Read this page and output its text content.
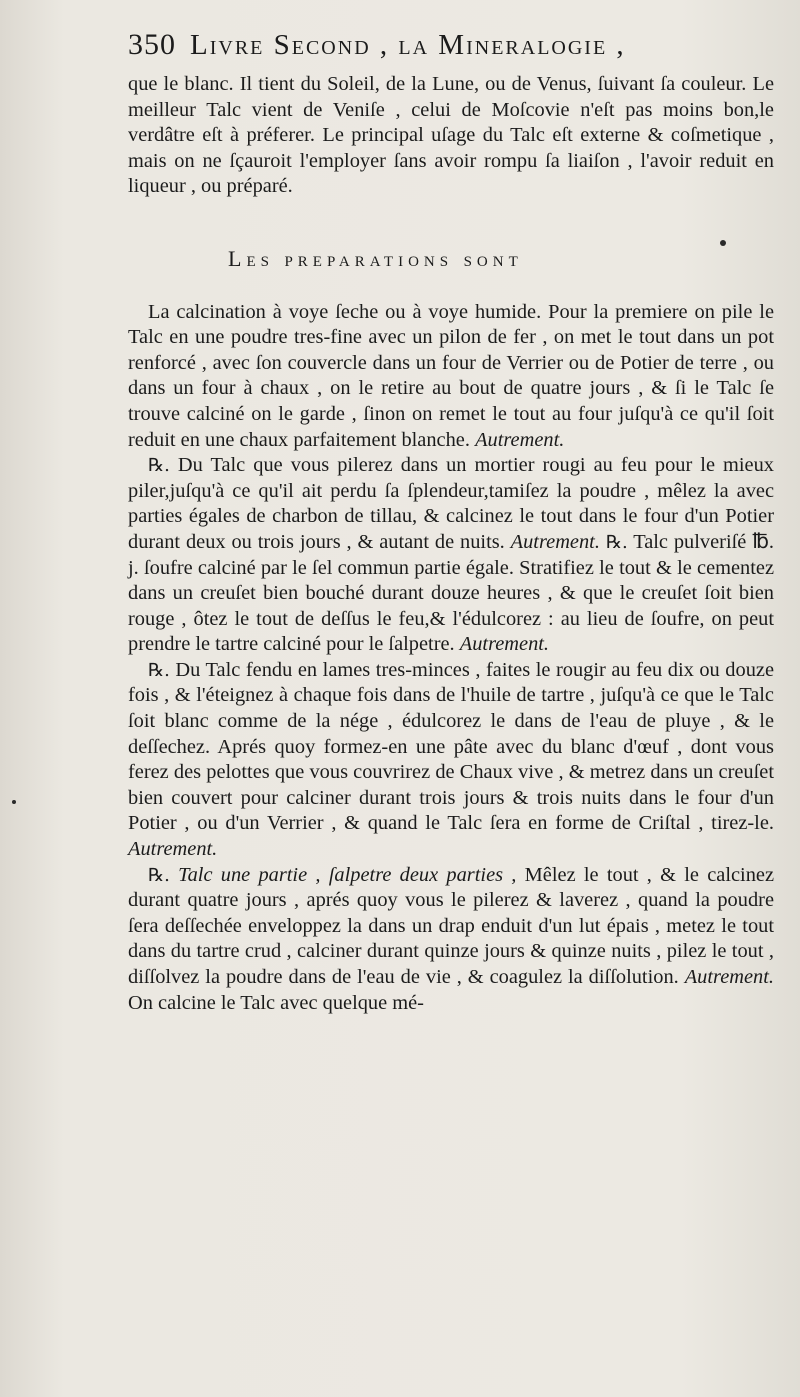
350 Livre Second , la Mineralogie ,

que le blanc. Il tient du Soleil, de la Lune, ou de Venus, ſuivant ſa couleur. Le meilleur Talc vient de Veniſe , celui de Moſcovie n'eſt pas moins bon,le verdâtre eſt à préferer. Le principal uſage du Talc eſt externe & coſmetique , mais on ne ſçauroit l'employer ſans avoir rompu ſa liaiſon , l'avoir reduit en liqueur , ou préparé.

Les preparations sont

La calcination à voye ſeche ou à voye humide. Pour la premiere on pile le Talc en une poudre tres-fine avec un pilon de fer , on met le tout dans un pot renforcé , avec ſon couvercle dans un four de Verrier ou de Potier de terre , ou dans un four à chaux , on le retire au bout de quatre jours , & ſi le Talc ſe trouve calciné on le garde , ſinon on remet le tout au four juſqu'à ce qu'il ſoit reduit en une chaux parfaitement blanche. Autrement.

℞. Du Talc que vous pilerez dans un mortier rougi au feu pour le mieux piler,juſqu'à ce qu'il ait perdu ſa ſplendeur,tamiſez la poudre , mêlez la avec parties égales de charbon de tillau, & calcinez le tout dans le four d'un Potier durant deux ou trois jours , & autant de nuits. Autrement. ℞. Talc pulveriſé ℔. j. ſoufre calciné par le ſel commun partie égale. Stratifiez le tout & le cementez dans un creuſet bien bouché durant douze heures , & que le creuſet ſoit bien rouge , ôtez le tout de deſſus le feu,& l'édulcorez : au lieu de ſoufre, on peut prendre le tartre calciné pour le ſalpetre. Autrement.

℞. Du Talc fendu en lames tres-minces , faites le rougir au feu dix ou douze fois , & l'éteignez à chaque fois dans de l'huile de tartre , juſqu'à ce que le Talc ſoit blanc comme de la nége , édulcorez le dans de l'eau de pluye , & le deſſechez. Aprés quoy formez-en une pâte avec du blanc d'œuf , dont vous ferez des pelottes que vous couvrirez de Chaux vive , & metrez dans un creuſet bien couvert pour calciner durant trois jours & trois nuits dans le four d'un Potier , ou d'un Verrier , & quand le Talc ſera en forme de Criſtal , tirez-le. Autrement.

℞. Talc une partie , ſalpetre deux parties , Mêlez le tout , & le calcinez durant quatre jours , aprés quoy vous le pilerez & laverez , quand la poudre ſera deſſechée enveloppez la dans un drap enduit d'un lut épais , metez le tout dans du tartre crud , calciner durant quinze jours & quinze nuits , pilez le tout , diſſolvez la poudre dans de l'eau de vie , & coagulez la diſſolution. Autrement. On calcine le Talc avec quelque mé-
